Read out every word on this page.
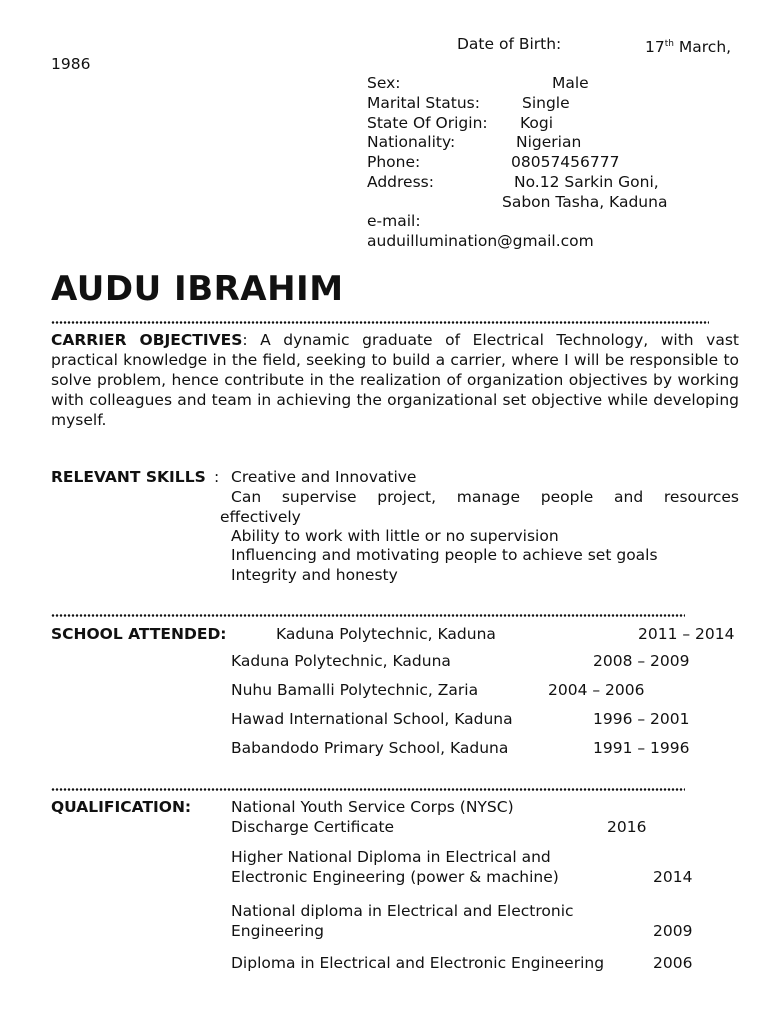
Date of Birth:	17th March,
1986
Sex:	Male
Marital Status:	Single
State Of Origin: Kogi
Nationality:	Nigerian
Phone:	08057456777
Address:	No.12 Sarkin Goni,
Sabon Tasha, Kaduna
e-mail:
auduillumination@gmail.com
AUDU IBRAHIM
CARRIER OBJECTIVES: A dynamic graduate of Electrical Technology, with vast practical knowledge in the field, seeking to build a carrier, where I will be responsible to solve problem, hence contribute in the realization of organization objectives by working with colleagues and team in achieving the organizational set objective while developing myself.
RELEVANT SKILLS : Creative and Innovative
Can supervise project, manage people and resources
effectively
Ability to work with little or no supervision
Influencing and motivating people to achieve set goals
Integrity and honesty
SCHOOL ATTENDED:	Kaduna Polytechnic, Kaduna	2011 – 2014
Kaduna Polytechnic, Kaduna	2008 – 2009
Nuhu Bamalli Polytechnic, Zaria	2004 – 2006
Hawad International School, Kaduna	1996 – 2001
Babandodo Primary School, Kaduna	1991 – 1996
QUALIFICATION:	National Youth Service Corps (NYSC)
Discharge Certificate	2016
Higher National Diploma in Electrical and
Electronic Engineering (power & machine)	2014
National diploma in Electrical and Electronic
Engineering	2009
Diploma in Electrical and Electronic Engineering	2006
